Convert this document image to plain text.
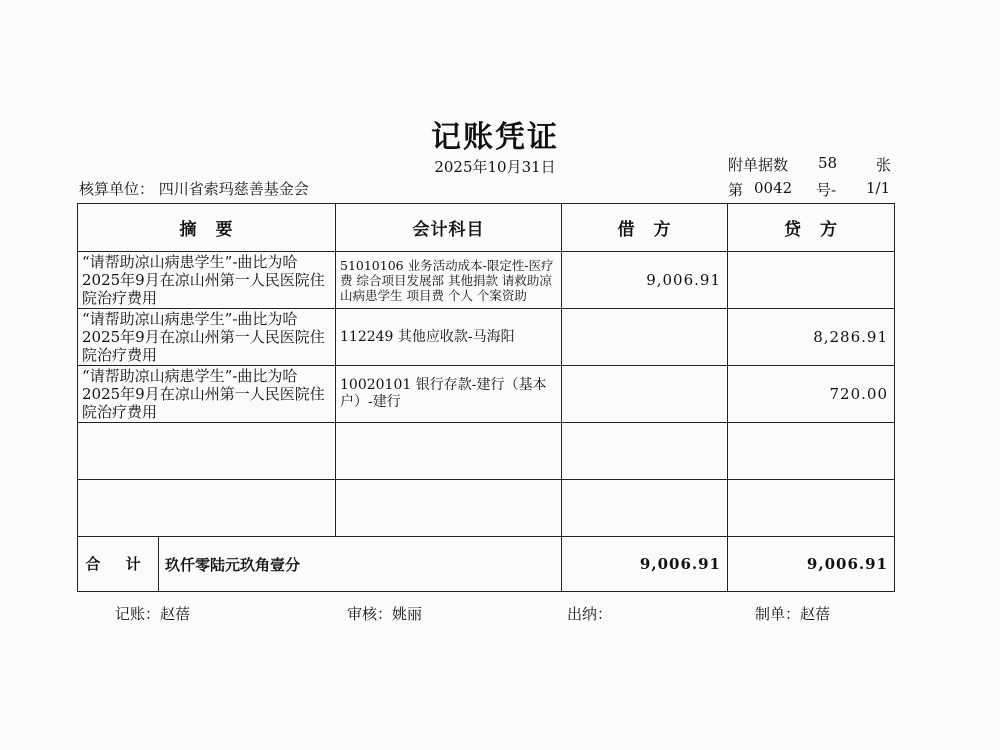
记账凭证
2025年10月31日	附单据数	58	张
核算单位： 四川省索玛慈善基金会	第 0042	号-	1/1
摘　要	会计科目	借　方	贷　方
“请帮助凉山病患学生”-曲比为哈2025年9月在凉山州第一人民医院住院治疗费用	51010106 业务活动成本-限定性-医疗费 综合项目发展部 其他捐款 请救助凉山病患学生 项目费 个人 个案资助	9,006.91	
“请帮助凉山病患学生”-曲比为哈2025年9月在凉山州第一人民医院住院治疗费用	112249 其他应收款-马海阳		8,286.91
“请帮助凉山病患学生”-曲比为哈2025年9月在凉山州第一人民医院住院治疗费用	10020101 银行存款-建行（基本户）-建行		720.00

合 计 玖仟零陆元玖角壹分		9,006.91	9,006.91
记账：赵蓓	审核：姚丽	出纳：	制单：赵蓓
